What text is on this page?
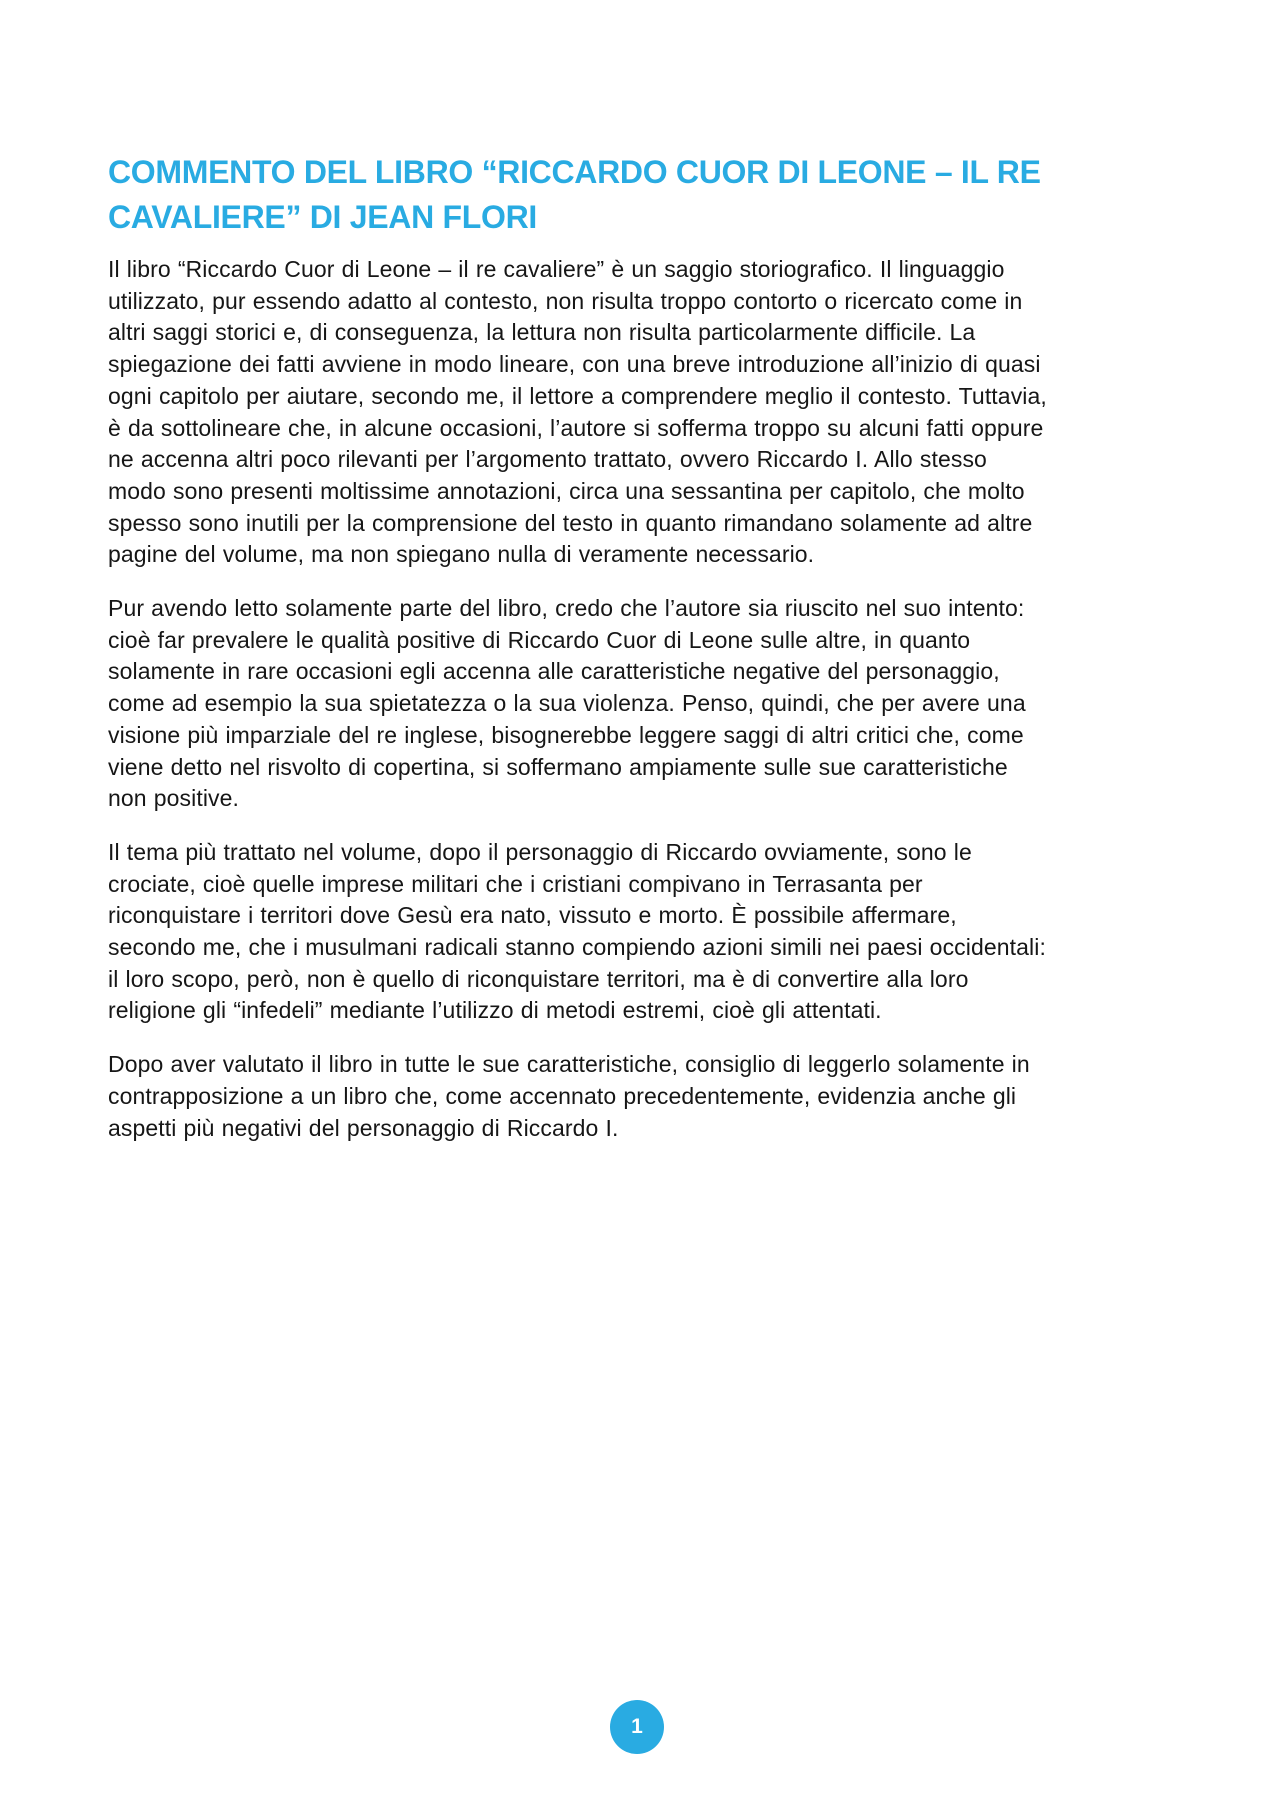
COMMENTO DEL LIBRO “RICCARDO CUOR DI LEONE – IL RE
CAVALIERE” DI JEAN FLORI

Il libro “Riccardo Cuor di Leone – il re cavaliere” è un saggio storiografico. Il linguaggio
utilizzato, pur essendo adatto al contesto, non risulta troppo contorto o ricercato come in
altri saggi storici e, di conseguenza, la lettura non risulta particolarmente difficile. La
spiegazione dei fatti avviene in modo lineare, con una breve introduzione all’inizio di quasi
ogni capitolo per aiutare, secondo me, il lettore a comprendere meglio il contesto. Tuttavia,
è da sottolineare che, in alcune occasioni, l’autore si sofferma troppo su alcuni fatti oppure
ne accenna altri poco rilevanti per l’argomento trattato, ovvero Riccardo I. Allo stesso
modo sono presenti moltissime annotazioni, circa una sessantina per capitolo, che molto
spesso sono inutili per la comprensione del testo in quanto rimandano solamente ad altre
pagine del volume, ma non spiegano nulla di veramente necessario.

Pur avendo letto solamente parte del libro, credo che l’autore sia riuscito nel suo intento:
cioè far prevalere le qualità positive di Riccardo Cuor di Leone sulle altre, in quanto
solamente in rare occasioni egli accenna alle caratteristiche negative del personaggio,
come ad esempio la sua spietatezza o la sua violenza. Penso, quindi, che per avere una
visione più imparziale del re inglese, bisognerebbe leggere saggi di altri critici che, come
viene detto nel risvolto di copertina, si soffermano ampiamente sulle sue caratteristiche
non positive.

Il tema più trattato nel volume, dopo il personaggio di Riccardo ovviamente, sono le
crociate, cioè quelle imprese militari che i cristiani compivano in Terrasanta per
riconquistare i territori dove Gesù era nato, vissuto e morto. È possibile affermare,
secondo me, che i musulmani radicali stanno compiendo azioni simili nei paesi occidentali:
il loro scopo, però, non è quello di riconquistare territori, ma è di convertire alla loro
religione gli “infedeli” mediante l’utilizzo di metodi estremi, cioè gli attentati.

Dopo aver valutato il libro in tutte le sue caratteristiche, consiglio di leggerlo solamente in
contrapposizione a un libro che, come accennato precedentemente, evidenzia anche gli
aspetti più negativi del personaggio di Riccardo I.

1
